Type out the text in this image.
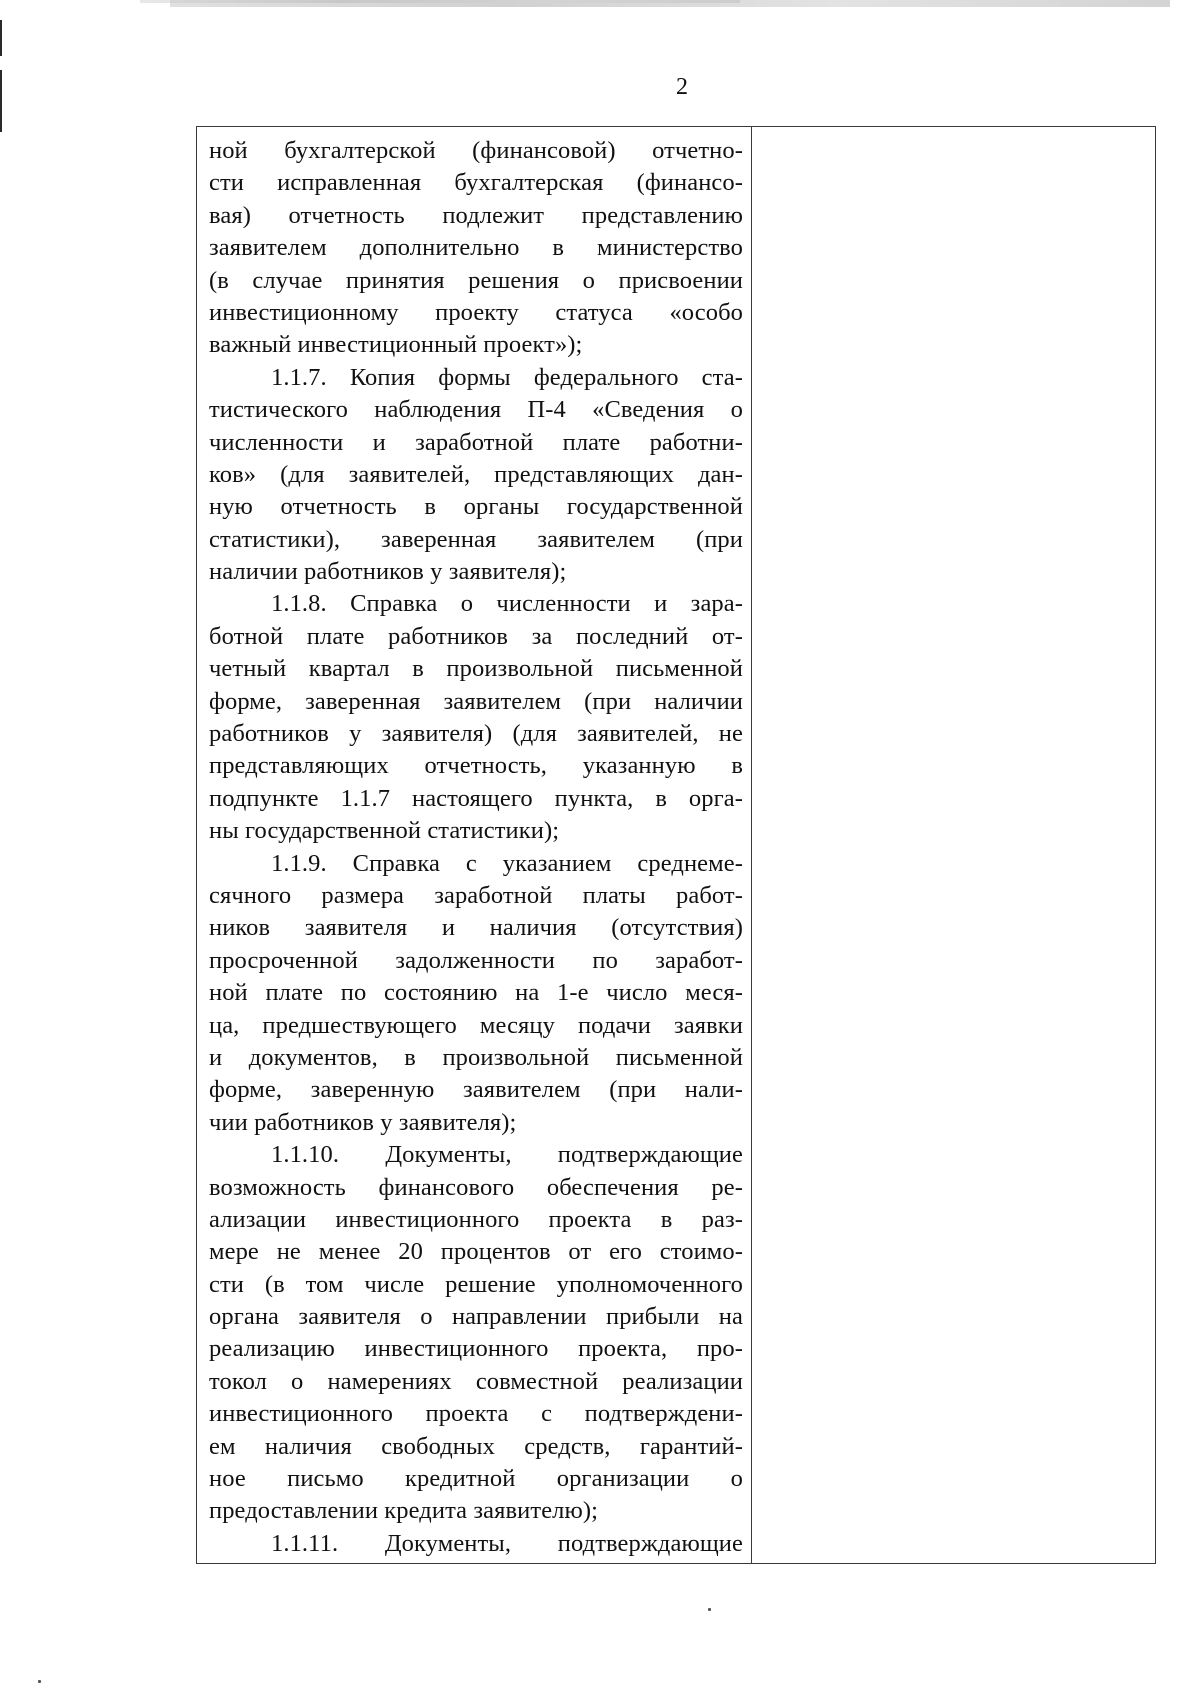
2
ной бухгалтерской (финансовой) отчетно-
сти исправленная бухгалтерская (финансо-
вая) отчетность подлежит представлению
заявителем дополнительно в министерство
(в случае принятия решения о присвоении
инвестиционному проекту статуса «особо
важный инвестиционный проект»);
1.1.7. Копия формы федерального ста-
тистического наблюдения П-4 «Сведения о
численности и заработной плате работни-
ков» (для заявителей, представляющих дан-
ную отчетность в органы государственной
статистики), заверенная заявителем (при
наличии работников у заявителя);
1.1.8. Справка о численности и зара-
ботной плате работников за последний от-
четный квартал в произвольной письменной
форме, заверенная заявителем (при наличии
работников у заявителя) (для заявителей, не
представляющих отчетность, указанную в
подпункте 1.1.7 настоящего пункта, в орга-
ны государственной статистики);
1.1.9. Справка с указанием среднеме-
сячного размера заработной платы работ-
ников заявителя и наличия (отсутствия)
просроченной задолженности по заработ-
ной плате по состоянию на 1-е число меся-
ца, предшествующего месяцу подачи заявки
и документов, в произвольной письменной
форме, заверенную заявителем (при нали-
чии работников у заявителя);
1.1.10. Документы, подтверждающие
возможность финансового обеспечения ре-
ализации инвестиционного проекта в раз-
мере не менее 20 процентов от его стоимо-
сти (в том числе решение уполномоченного
органа заявителя о направлении прибыли на
реализацию инвестиционного проекта, про-
токол о намерениях совместной реализации
инвестиционного проекта с подтверждени-
ем наличия свободных средств, гарантий-
ное письмо кредитной организации о
предоставлении кредита заявителю);
1.1.11. Документы, подтверждающие
